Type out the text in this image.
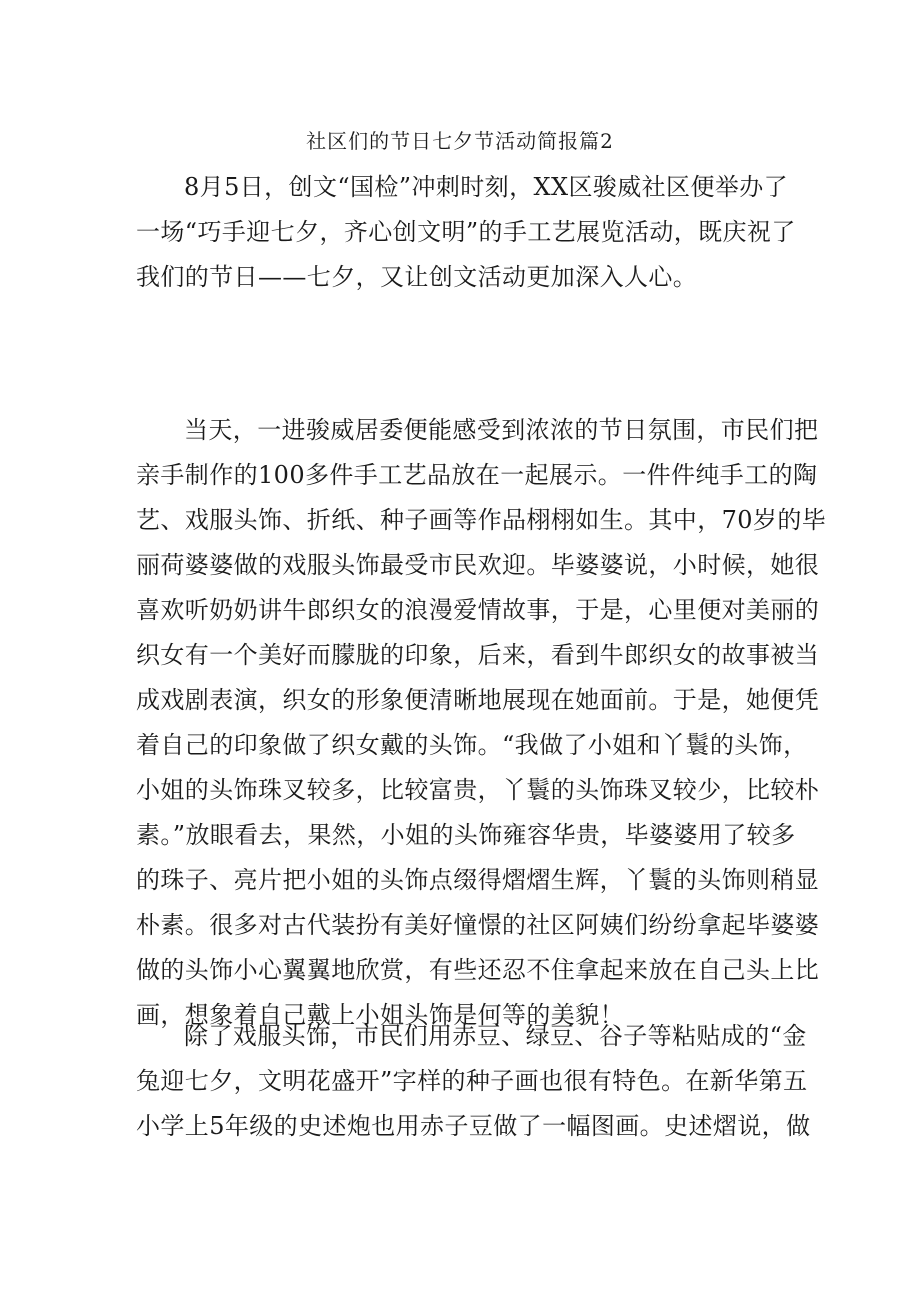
社区们的节日七夕节活动简报篇2
8月5日，创文“国检”冲刺时刻，XX区骏威社区便举办了
一场“巧手迎七夕，齐心创文明”的手工艺展览活动，既庆祝了
我们的节日——七夕，又让创文活动更加深入人心。
当天，一进骏威居委便能感受到浓浓的节日氛围，市民们把
亲手制作的100多件手工艺品放在一起展示。一件件纯手工的陶
艺、戏服头饰、折纸、种子画等作品栩栩如生。其中，70岁的毕
丽荷婆婆做的戏服头饰最受市民欢迎。毕婆婆说，小时候，她很
喜欢听奶奶讲牛郎织女的浪漫爱情故事，于是，心里便对美丽的
织女有一个美好而朦胧的印象，后来，看到牛郎织女的故事被当
成戏剧表演，织女的形象便清晰地展现在她面前。于是，她便凭
着自己的印象做了织女戴的头饰。“我做了小姐和丫鬟的头饰，
小姐的头饰珠叉较多，比较富贵，丫鬟的头饰珠叉较少，比较朴
素。”放眼看去，果然，小姐的头饰雍容华贵，毕婆婆用了较多
的珠子、亮片把小姐的头饰点缀得熠熠生辉，丫鬟的头饰则稍显
朴素。很多对古代装扮有美好憧憬的社区阿姨们纷纷拿起毕婆婆
做的头饰小心翼翼地欣赏，有些还忍不住拿起来放在自己头上比
画，想象着自己戴上小姐头饰是何等的美貌！
除了戏服头饰，市民们用赤豆、绿豆、谷子等粘贴成的“金
兔迎七夕，文明花盛开”字样的种子画也很有特色。在新华第五
小学上5年级的史述炮也用赤子豆做了一幅图画。史述熠说，做
